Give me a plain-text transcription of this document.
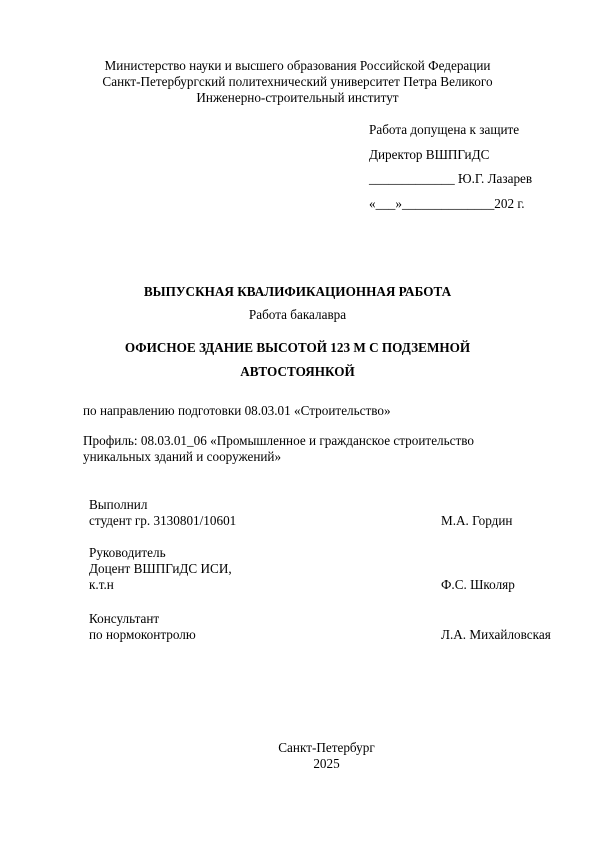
Министерство науки и высшего образования Российской Федерации
Санкт-Петербургский политехнический университет Петра Великого
Инженерно-строительный институт
Работа допущена к защите
Директор ВШПГиДС
_____________ Ю.Г. Лазарев
«___»______________202 г.
ВЫПУСКНАЯ КВАЛИФИКАЦИОННАЯ РАБОТА
Работа бакалавра
ОФИСНОЕ ЗДАНИЕ ВЫСОТОЙ 123 М С ПОДЗЕМНОЙ
АВТОСТОЯНКОЙ
по направлению подготовки 08.03.01 «Строительство»
Профиль: 08.03.01_06 «Промышленное и гражданское строительство
уникальных зданий и сооружений»
Выполнил
студент гр. 3130801/10601	М.А. Гордин
Руководитель
Доцент ВШПГиДС ИСИ,
к.т.н	Ф.С. Школяр
Консультант
по нормоконтролю	Л.А. Михайловская
Санкт-Петербург
2025
